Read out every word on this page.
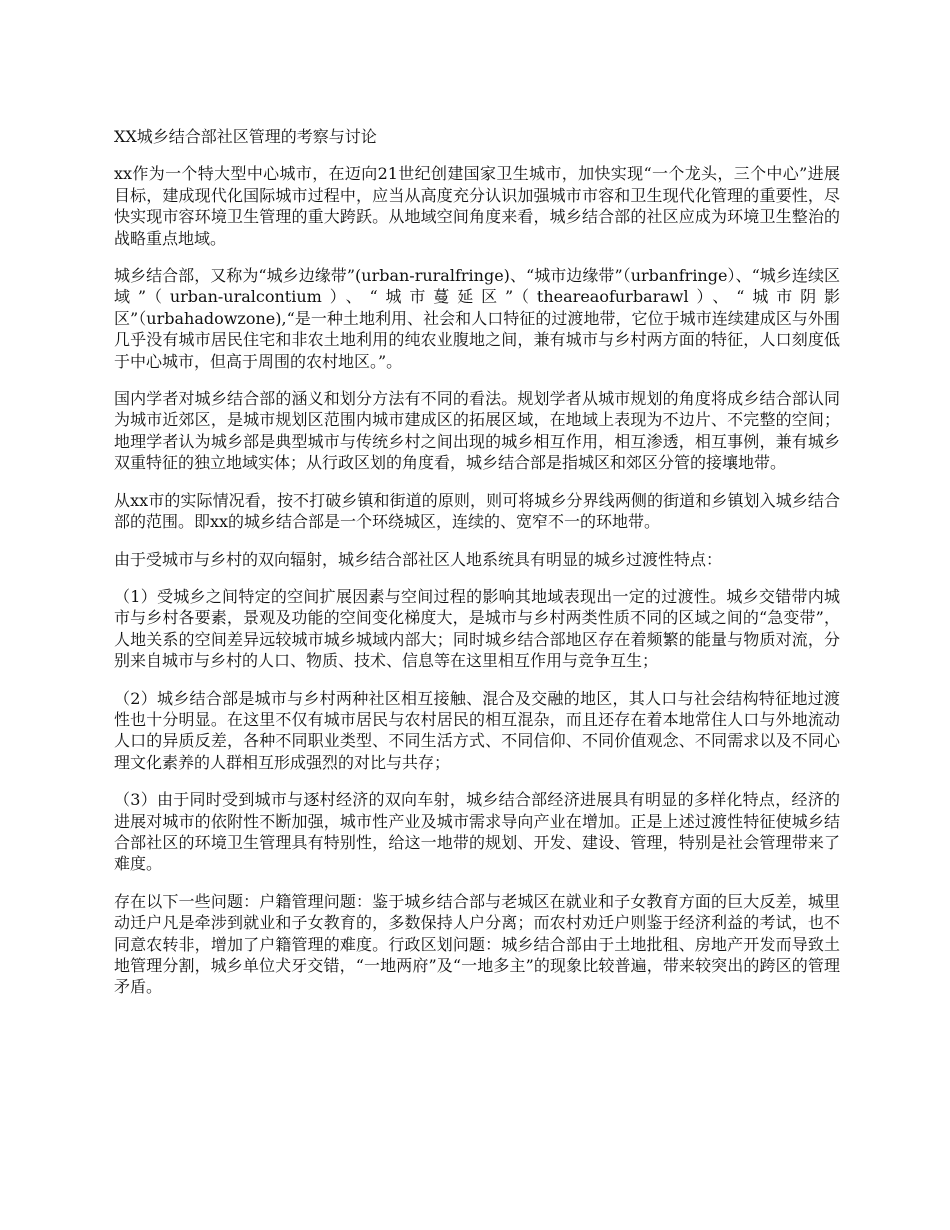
XX城乡结合部社区管理的考察与讨论

xx作为一个特大型中心城市，在迈向21世纪创建国家卫生城市，加快实现“一个龙头，三个中心”进展目标，建成现代化国际城市过程中，应当从高度充分认识加强城市市容和卫生现代化管理的重要性，尽快实现市容环境卫生管理的重大跨跃。从地域空间角度来看，城乡结合部的社区应成为环境卫生整治的战略重点地域。

城乡结合部，又称为“城乡边缘带”(urban-ruralfringe)、“城市边缘带”（urbanfringe）、“城乡连续区域”（urban-uralcontium）、“城市蔓延区”（theareaofurbarawl）、“城市阴影区”（urbahadowzone),“是一种土地利用、社会和人口特征的过渡地带，它位于城市连续建成区与外围几乎没有城市居民住宅和非农土地利用的纯农业腹地之间，兼有城市与乡村两方面的特征，人口刻度低于中心城市，但高于周围的农村地区。”。

国内学者对城乡结合部的涵义和划分方法有不同的看法。规划学者从城市规划的角度将成乡结合部认同为城市近郊区，是城市规划区范围内城市建成区的拓展区域，在地域上表现为不边片、不完整的空间；地理学者认为城乡部是典型城市与传统乡村之间出现的城乡相互作用，相互渗透，相互事例，兼有城乡双重特征的独立地域实体；从行政区划的角度看，城乡结合部是指城区和郊区分管的接壤地带。

从xx市的实际情况看，按不打破乡镇和街道的原则，则可将城乡分界线两侧的街道和乡镇划入城乡结合部的范围。即xx的城乡结合部是一个环绕城区，连续的、宽窄不一的环地带。

由于受城市与乡村的双向辐射，城乡结合部社区人地系统具有明显的城乡过渡性特点：

（1）受城乡之间特定的空间扩展因素与空间过程的影响其地域表现出一定的过渡性。城乡交错带内城市与乡村各要素，景观及功能的空间变化梯度大，是城市与乡村两类性质不同的区域之间的“急变带”，人地关系的空间差异远较城市城乡城域内部大；同时城乡结合部地区存在着频繁的能量与物质对流，分别来自城市与乡村的人口、物质、技术、信息等在这里相互作用与竞争互生；

（2）城乡结合部是城市与乡村两种社区相互接触、混合及交融的地区，其人口与社会结构特征地过渡性也十分明显。在这里不仅有城市居民与农村居民的相互混杂，而且还存在着本地常住人口与外地流动人口的异质反差，各种不同职业类型、不同生活方式、不同信仰、不同价值观念、不同需求以及不同心理文化素养的人群相互形成强烈的对比与共存；

（3）由于同时受到城市与逐村经济的双向车射，城乡结合部经济进展具有明显的多样化特点，经济的进展对城市的依附性不断加强，城市性产业及城市需求导向产业在增加。正是上述过渡性特征使城乡结合部社区的环境卫生管理具有特别性，给这一地带的规划、开发、建设、管理，特别是社会管理带来了难度。

存在以下一些问题：户籍管理问题：鉴于城乡结合部与老城区在就业和子女教育方面的巨大反差，城里动迁户凡是牵涉到就业和子女教育的，多数保持人户分离；而农村劝迁户则鉴于经济利益的考试，也不同意农转非，增加了户籍管理的难度。行政区划问题：城乡结合部由于土地批租、房地产开发而导致土地管理分割，城乡单位犬牙交错，“一地两府”及“一地多主”的现象比较普遍，带来较突出的跨区的管理矛盾。
